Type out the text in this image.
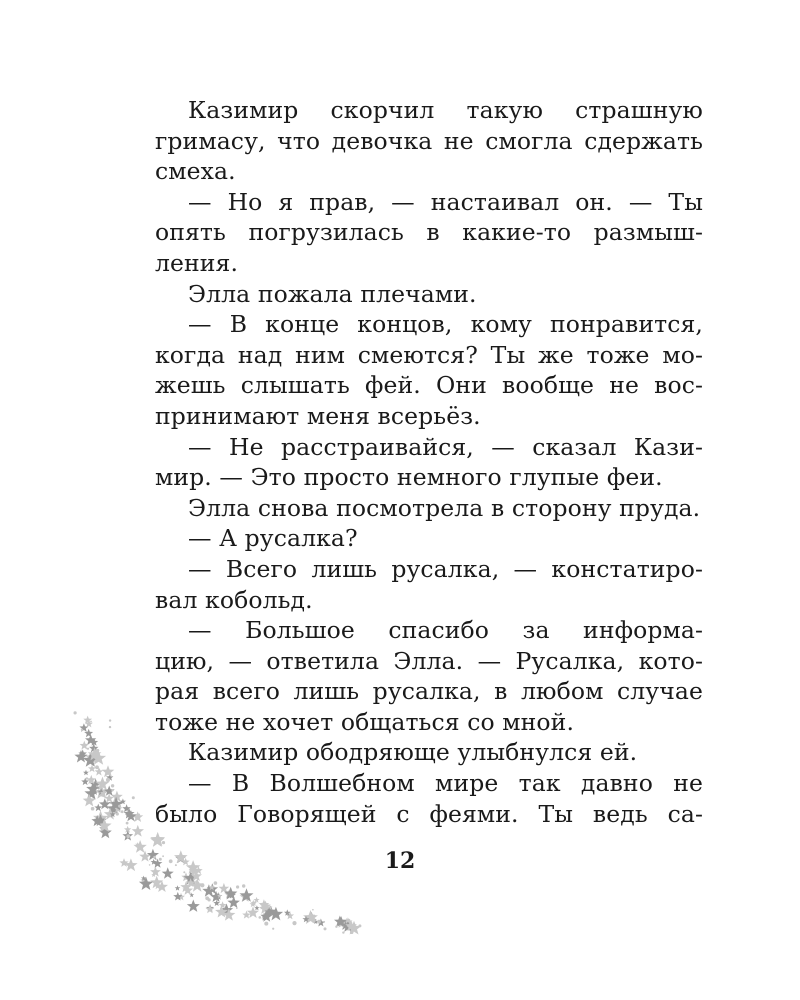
Казимир скорчил такую страшную
гримасу, что девочка не смогла сдержать
смеха.
— Но я прав, — настаивал он. — Ты
опять погрузилась в какие-то размыш-
ления.
Элла пожала плечами.
— В конце концов, кому понравится,
когда над ним смеются? Ты же тоже мо-
жешь слышать фей. Они вообще не вос-
принимают меня всерьёз.
— Не расстраивайся, — сказал Кази-
мир. — Это просто немного глупые феи.
Элла снова посмотрела в сторону пруда.
— А русалка?
— Всего лишь русалка, — констатиро-
вал кобольд.
— Большое спасибо за информа-
цию, — ответила Элла. — Русалка, кото-
рая всего лишь русалка, в любом случае
тоже не хочет общаться со мной.
Казимир ободряюще улыбнулся ей.
— В Волшебном мире так давно не
было Говорящей с феями. Ты ведь са-
12
